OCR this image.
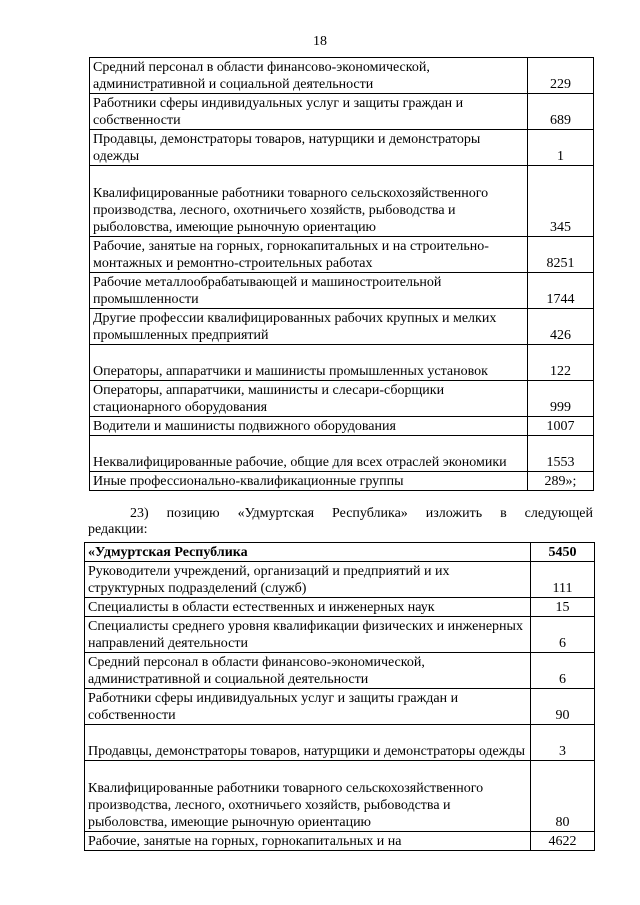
18
Средний персонал в области финансово-экономической, административной и социальной деятельности	229
Работники сферы индивидуальных услуг и защиты граждан и собственности	689
Продавцы, демонстраторы товаров, натурщики и демонстраторы одежды	1
Квалифицированные работники товарного сельскохозяйственного производства, лесного, охотничьего хозяйств, рыбоводства и рыболовства, имеющие рыночную ориентацию	345
Рабочие, занятые на горных, горнокапитальных и на строительно-монтажных и ремонтно-строительных работах	8251
Рабочие металлообрабатывающей и машиностроительной промышленности	1744
Другие профессии квалифицированных рабочих крупных и мелких промышленных предприятий	426
Операторы, аппаратчики и машинисты промышленных установок	122
Операторы, аппаратчики, машинисты и слесари-сборщики стационарного оборудования	999
Водители и машинисты подвижного оборудования	1007
Неквалифицированные рабочие, общие для всех отраслей экономики	1553
Иные профессионально-квалификационные группы	289»;
23) позицию «Удмуртская Республика» изложить в следующей
редакции:
«Удмуртская Республика	5450
Руководители учреждений, организаций и предприятий и их структурных подразделений (служб)	111
Специалисты в области естественных и инженерных наук	15
Специалисты среднего уровня квалификации физических и инженерных направлений деятельности	6
Средний персонал в области финансово-экономической, административной и социальной деятельности	6
Работники сферы индивидуальных услуг и защиты граждан и собственности	90
Продавцы, демонстраторы товаров, натурщики и демонстраторы одежды	3
Квалифицированные работники товарного сельскохозяйственного производства, лесного, охотничьего хозяйств, рыбоводства и рыболовства, имеющие рыночную ориентацию	80
Рабочие, занятые на горных, горнокапитальных и на	4622
